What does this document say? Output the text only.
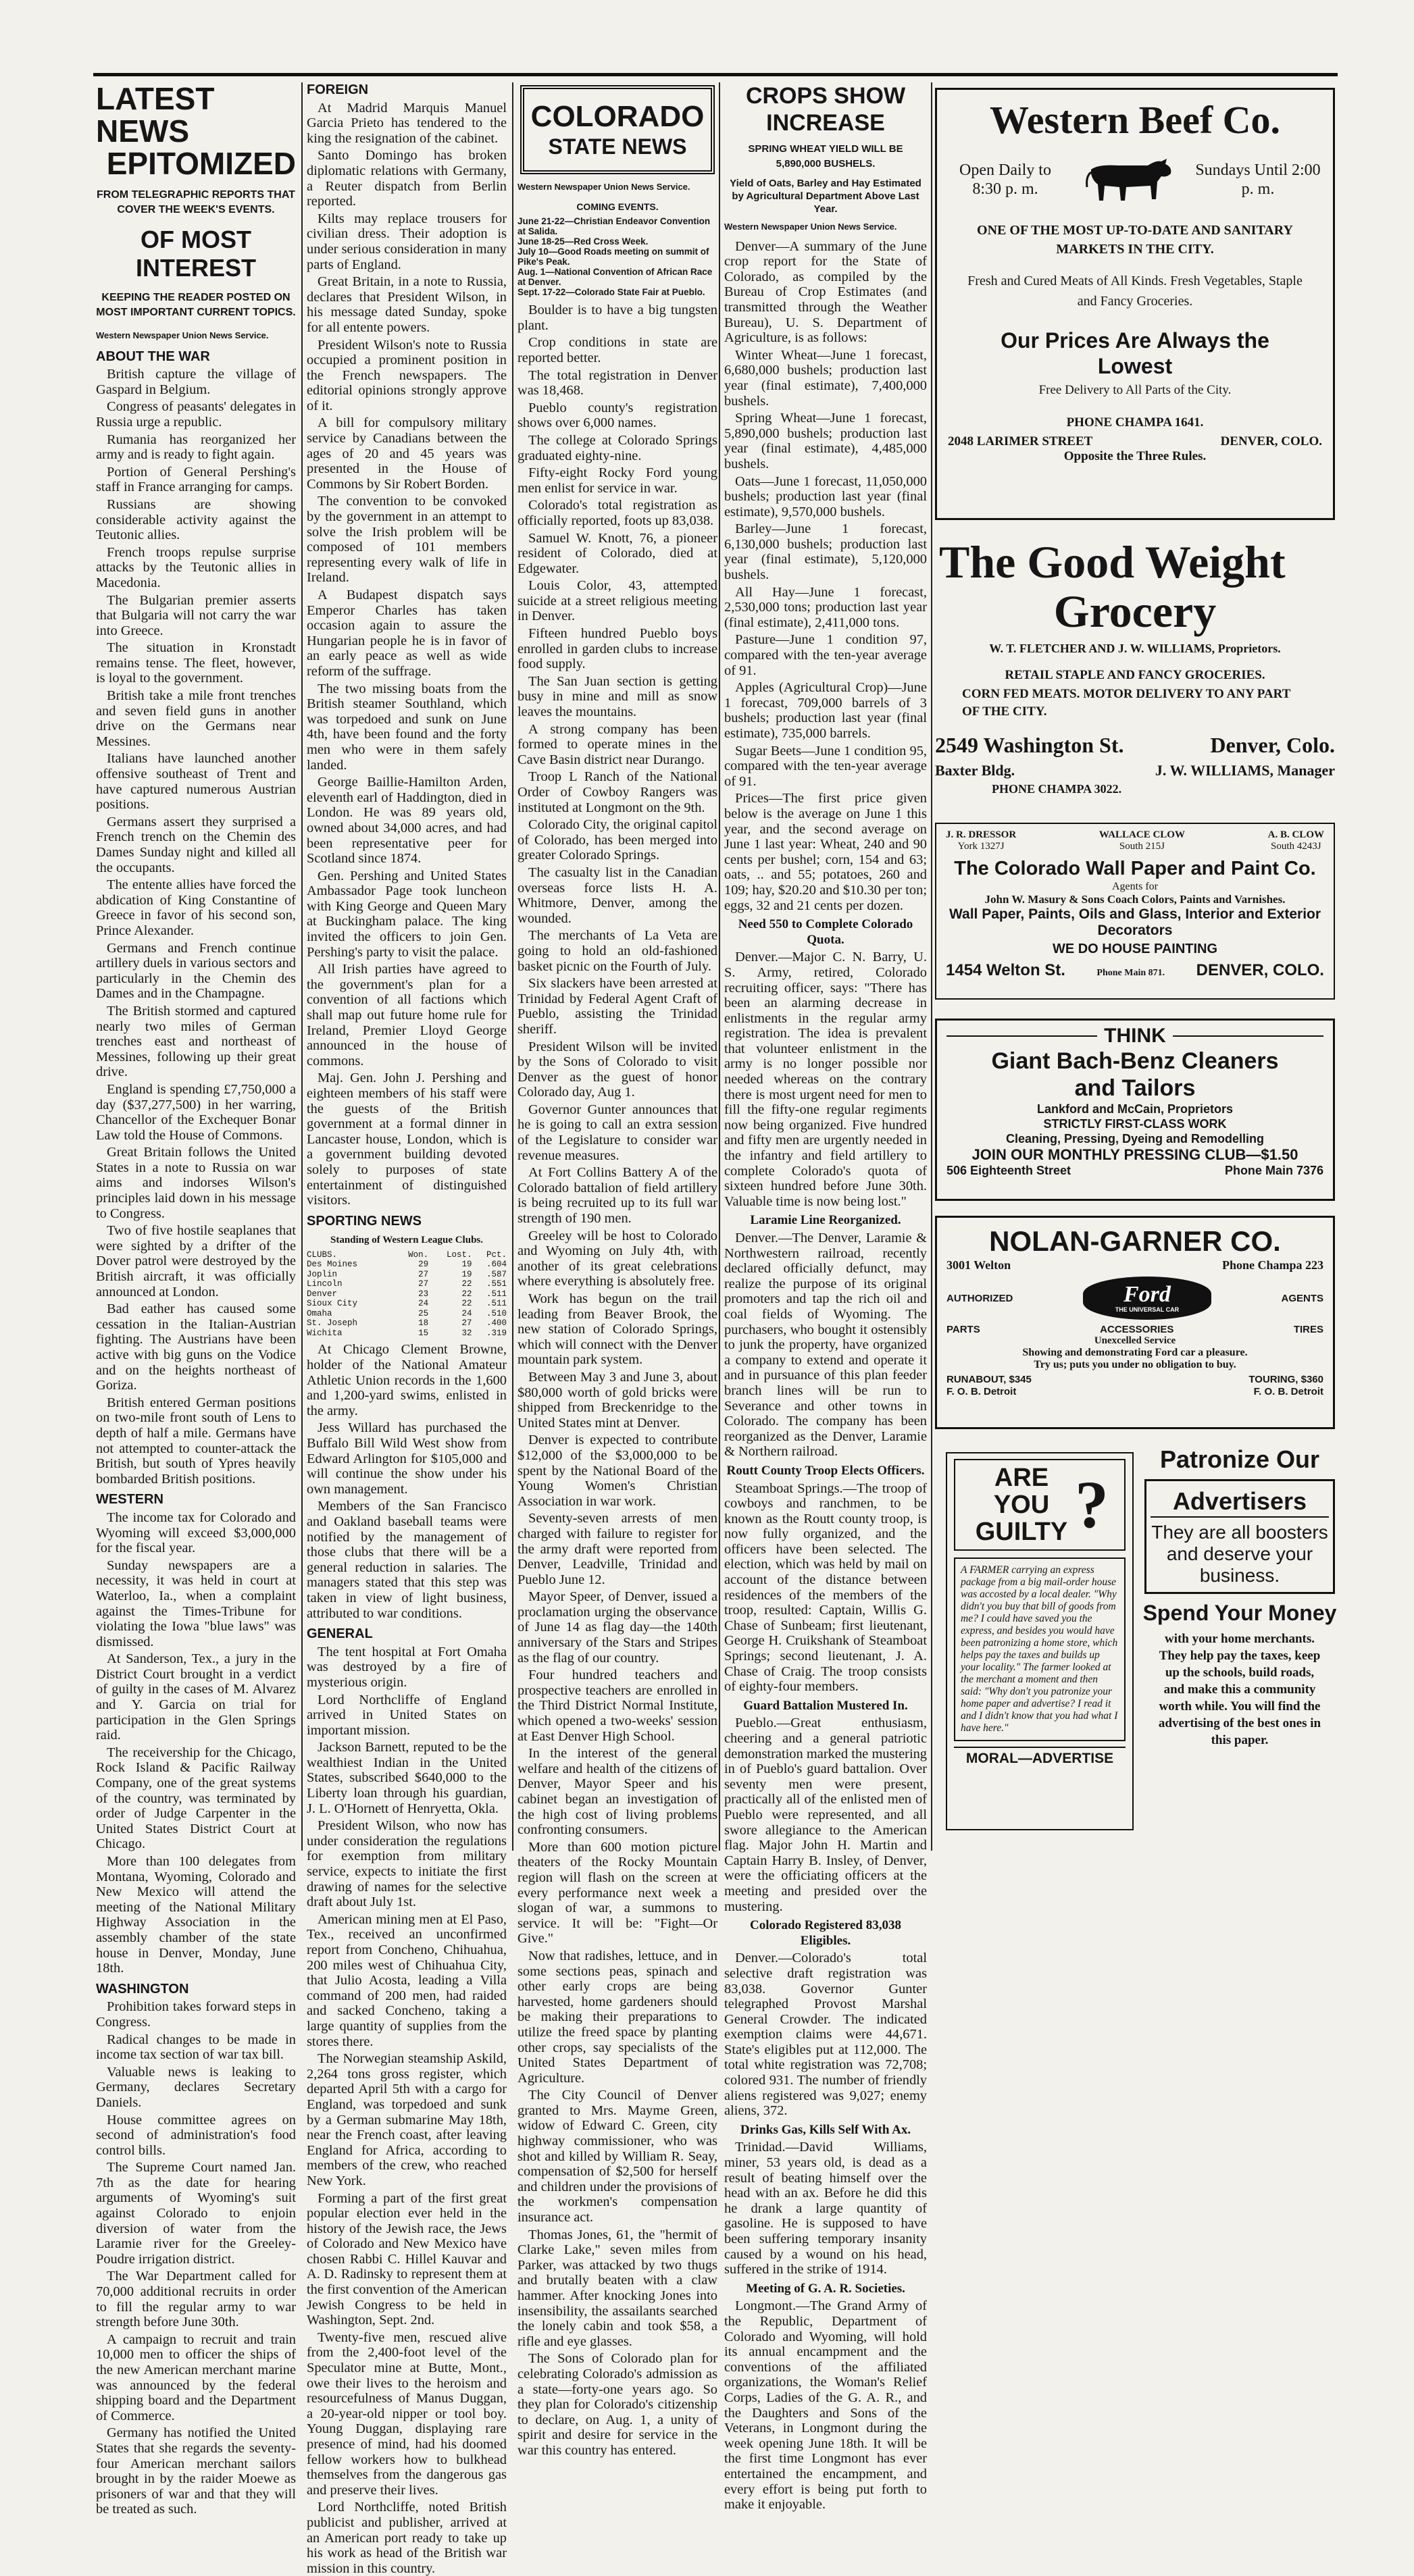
LATEST NEWS
EPITOMIZED
FROM TELEGRAPHIC REPORTS THAT COVER THE WEEK'S EVENTS.
OF MOST INTEREST
KEEPING THE READER POSTED ON MOST IMPORTANT CURRENT TOPICS.
Western Newspaper Union News Service.
ABOUT THE WAR

British capture the village of Gaspard in Belgium.

Congress of peasants' delegates in Russia urge a republic.

Rumania has reorganized her army and is ready to fight again.

Portion of General Pershing's staff in France arranging for camps.

Russians are showing considerable activity against the Teutonic allies.

French troops repulse surprise attacks by the Teutonic allies in Macedonia.

The Bulgarian premier asserts that Bulgaria will not carry the war into Greece.

The situation in Kronstadt remains tense. The fleet, however, is loyal to the government.

British take a mile front trenches and seven field guns in another drive on the Germans near Messines.

Italians have launched another offensive southeast of Trent and have captured numerous Austrian positions.

Germans assert they surprised a French trench on the Chemin des Dames Sunday night and killed all the occupants.

The entente allies have forced the abdication of King Constantine of Greece in favor of his second son, Prince Alexander.

Germans and French continue artillery duels in various sectors and particularly in the Chemin des Dames and in the Champagne.

The British stormed and captured nearly two miles of German trenches east and northeast of Messines, following up their great drive.

England is spending £7,750,000 a day ($37,277,500) in her warring, Chancellor of the Exchequer Bonar Law told the House of Commons.

Great Britain follows the United States in a note to Russia on war aims and indorses Wilson's principles laid down in his message to Congress.

Two of five hostile seaplanes that were sighted by a drifter of the Dover patrol were destroyed by the British aircraft, it was officially announced at London.

Bad eather has caused some cessation in the Italian-Austrian fighting. The Austrians have been active with big guns on the Vodice and on the heights northeast of Goriza.

British entered German positions on two-mile front south of Lens to depth of half a mile. Germans have not attempted to counter-attack the British, but south of Ypres heavily bombarded British positions.

WESTERN

The income tax for Colorado and Wyoming will exceed $3,000,000 for the fiscal year.

Sunday newspapers are a necessity, it was held in court at Waterloo, Ia., when a complaint against the Times-Tribune for violating the Iowa "blue laws" was dismissed.

At Sanderson, Tex., a jury in the District Court brought in a verdict of guilty in the cases of M. Alvarez and Y. Garcia on trial for participation in the Glen Springs raid.

The receivership for the Chicago, Rock Island & Pacific Railway Company, one of the great systems of the country, was terminated by order of Judge Carpenter in the United States District Court at Chicago.

More than 100 delegates from Montana, Wyoming, Colorado and New Mexico will attend the meeting of the National Military Highway Association in the assembly chamber of the state house in Denver, Monday, June 18th.

WASHINGTON

Prohibition takes forward steps in Congress.

Radical changes to be made in income tax section of war tax bill.

Valuable news is leaking to Germany, declares Secretary Daniels.

House committee agrees on second of administration's food control bills.

The Supreme Court named Jan. 7th as the date for hearing arguments of Wyoming's suit against Colorado to enjoin diversion of water from the Laramie river for the Greeley-Poudre irrigation district.

The War Department called for 70,000 additional recruits in order to fill the regular army to war strength before June 30th.

A campaign to recruit and train 10,000 men to officer the ships of the new American merchant marine was announced by the federal shipping board and the Department of Commerce.

Germany has notified the United States that she regards the seventy-four American merchant sailors brought in by the raider Moewe as prisoners of war and that they will be treated as such.

FOREIGN

At Madrid Marquis Manuel Garcia Prieto has tendered to the king the resignation of the cabinet.

Santo Domingo has broken diplomatic relations with Germany, a Reuter dispatch from Berlin reported.

Kilts may replace trousers for civilian dress. Their adoption is under serious consideration in many parts of England.

Great Britain, in a note to Russia, declares that President Wilson, in his message dated Sunday, spoke for all entente powers.

President Wilson's note to Russia occupied a prominent position in the French newspapers. The editorial opinions strongly approve of it.

A bill for compulsory military service by Canadians between the ages of 20 and 45 years was presented in the House of Commons by Sir Robert Borden.

The convention to be convoked by the government in an attempt to solve the Irish problem will be composed of 101 members representing every walk of life in Ireland.

A Budapest dispatch says Emperor Charles has taken occasion again to assure the Hungarian people he is in favor of an early peace as well as wide reform of the suffrage.

The two missing boats from the British steamer Southland, which was torpedoed and sunk on June 4th, have been found and the forty men who were in them safely landed.

George Baillie-Hamilton Arden, eleventh earl of Haddington, died in London. He was 89 years old, owned about 34,000 acres, and had been representative peer for Scotland since 1874.

Gen. Pershing and United States Ambassador Page took luncheon with King George and Queen Mary at Buckingham palace. The king invited the officers to join Gen. Pershing's party to visit the palace.

All Irish parties have agreed to the government's plan for a convention of all factions which shall map out future home rule for Ireland, Premier Lloyd George announced in the house of commons.

Maj. Gen. John J. Pershing and eighteen members of his staff were the guests of the British government at a formal dinner in Lancaster house, London, which is a government building devoted solely to purposes of state entertainment of distinguished visitors.

SPORTING NEWS
Standing of Western League Clubs.
CLUBS.	Won.	Lost.	Pct.
Des Moines	29	19	.604
Joplin	27	19	.587
Lincoln	27	22	.551
Denver	23	22	.511
Sioux City	24	22	.511
Omaha	25	24	.510
St. Joseph	18	27	.400
Wichita	15	32	.319

At Chicago Clement Browne, holder of the National Amateur Athletic Union records in the 1,600 and 1,200-yard swims, enlisted in the army.

Jess Willard has purchased the Buffalo Bill Wild West show from Edward Arlington for $105,000 and will continue the show under his own management.

Members of the San Francisco and Oakland baseball teams were notified by the management of those clubs that there will be a general reduction in salaries. The managers stated that this step was taken in view of light business, attributed to war conditions.

GENERAL

The tent hospital at Fort Omaha was destroyed by a fire of mysterious origin.

Lord Northcliffe of England arrived in United States on important mission.

Jackson Barnett, reputed to be the wealthiest Indian in the United States, subscribed $640,000 to the Liberty loan through his guardian, J. L. O'Hornett of Henryetta, Okla.

President Wilson, who now has under consideration the regulations for exemption from military service, expects to initiate the first drawing of names for the selective draft about July 1st.

American mining men at El Paso, Tex., received an unconfirmed report from Concheno, Chihuahua, 200 miles west of Chihuahua City, that Julio Acosta, leading a Villa command of 200 men, had raided and sacked Concheno, taking a large quantity of supplies from the stores there.

The Norwegian steamship Askild, 2,264 tons gross register, which departed April 5th with a cargo for England, was torpedoed and sunk by a German submarine May 18th, near the French coast, after leaving England for Africa, according to members of the crew, who reached New York.

Forming a part of the first great popular election ever held in the history of the Jewish race, the Jews of Colorado and New Mexico have chosen Rabbi C. Hillel Kauvar and A. D. Radinsky to represent them at the first convention of the American Jewish Congress to be held in Washington, Sept. 2nd.

Twenty-five men, rescued alive from the 2,400-foot level of the Speculator mine at Butte, Mont., owe their lives to the heroism and resourcefulness of Manus Duggan, a 20-year-old nipper or tool boy. Young Duggan, displaying rare presence of mind, had his doomed fellow workers how to bulkhead themselves from the dangerous gas and preserve their lives.

Lord Northcliffe, noted British publicist and publisher, arrived at an American port ready to take up his work as head of the British war mission in this country.

COLORADO
STATE NEWS
Western Newspaper Union News Service.
COMING EVENTS.
June 21-22—Christian Endeavor Convention at Salida.
June 18-25—Red Cross Week.
July 10—Good Roads meeting on summit of Pike's Peak.
Aug. 1—National Convention of African Race at Denver.
Sept. 17-22—Colorado State Fair at Pueblo.

Boulder is to have a big tungsten plant.

Crop conditions in state are reported better.

The total registration in Denver was 18,468.

Pueblo county's registration shows over 6,000 names.

The college at Colorado Springs graduated eighty-nine.

Fifty-eight Rocky Ford young men enlist for service in war.

Colorado's total registration as officially reported, foots up 83,038.

Samuel W. Knott, 76, a pioneer resident of Colorado, died at Edgewater.

Louis Color, 43, attempted suicide at a street religious meeting in Denver.

Fifteen hundred Pueblo boys enrolled in garden clubs to increase food supply.

The San Juan section is getting busy in mine and mill as snow leaves the mountains.

A strong company has been formed to operate mines in the Cave Basin district near Durango.

Troop L Ranch of the National Order of Cowboy Rangers was instituted at Longmont on the 9th.

Colorado City, the original capitol of Colorado, has been merged into greater Colorado Springs.

The casualty list in the Canadian overseas force lists H. A. Whitmore, Denver, among the wounded.

The merchants of La Veta are going to hold an old-fashioned basket picnic on the Fourth of July.

Six slackers have been arrested at Trinidad by Federal Agent Craft of Pueblo, assisting the Trinidad sheriff.

President Wilson will be invited by the Sons of Colorado to visit Denver as the guest of honor Colorado day, Aug 1.

Governor Gunter announces that he is going to call an extra session of the Legislature to consider war revenue measures.

At Fort Collins Battery A of the Colorado battalion of field artillery is being recruited up to its full war strength of 190 men.

Greeley will be host to Colorado and Wyoming on July 4th, with another of its great celebrations where everything is absolutely free.

Work has begun on the trail leading from Beaver Brook, the new station of Colorado Springs, which will connect with the Denver mountain park system.

Between May 3 and June 3, about $80,000 worth of gold bricks were shipped from Breckenridge to the United States mint at Denver.

Denver is expected to contribute $12,000 of the $3,000,000 to be spent by the National Board of the Young Women's Christian Association in war work.

Seventy-seven arrests of men charged with failure to register for the army draft were reported from Denver, Leadville, Trinidad and Pueblo June 12.

Mayor Speer, of Denver, issued a proclamation urging the observance of June 14 as flag day—the 140th anniversary of the Stars and Stripes as the flag of our country.

Four hundred teachers and prospective teachers are enrolled in the Third District Normal Institute, which opened a two-weeks' session at East Denver High School.

In the interest of the general welfare and health of the citizens of Denver, Mayor Speer and his cabinet began an investigation of the high cost of living problems confronting consumers.

More than 600 motion picture theaters of the Rocky Mountain region will flash on the screen at every performance next week a slogan of war, a summons to service. It will be: "Fight—Or Give."

Now that radishes, lettuce, and in some sections peas, spinach and other early crops are being harvested, home gardeners should be making their preparations to utilize the freed space by planting other crops, say specialists of the United States Department of Agriculture.

The City Council of Denver granted to Mrs. Mayme Green, widow of Edward C. Green, city highway commissioner, who was shot and killed by William R. Seay, compensation of $2,500 for herself and children under the provisions of the workmen's compensation insurance act.

Thomas Jones, 61, the "hermit of Clarke Lake," seven miles from Parker, was attacked by two thugs and brutally beaten with a claw hammer. After knocking Jones into insensibility, the assailants searched the lonely cabin and took $58, a rifle and eye glasses.

The Sons of Colorado plan for celebrating Colorado's admission as a state—forty-one years ago. So they plan for Colorado's citizenship to declare, on Aug. 1, a unity of spirit and desire for service in the war this country has entered.

CROPS SHOW INCREASE
SPRING WHEAT YIELD WILL BE 5,890,000 BUSHELS.
Yield of Oats, Barley and Hay Estimated by Agricultural Department Above Last Year.
Western Newspaper Union News Service.

Denver—A summary of the June crop report for the State of Colorado, as compiled by the Bureau of Crop Estimates (and transmitted through the Weather Bureau), U. S. Department of Agriculture, is as follows:

Winter Wheat—June 1 forecast, 6,680,000 bushels; production last year (final estimate), 7,400,000 bushels.

Spring Wheat—June 1 forecast, 5,890,000 bushels; production last year (final estimate), 4,485,000 bushels.

Oats—June 1 forecast, 11,050,000 bushels; production last year (final estimate), 9,570,000 bushels.

Barley—June 1 forecast, 6,130,000 bushels; production last year (final estimate), 5,120,000 bushels.

All Hay—June 1 forecast, 2,530,000 tons; production last year (final estimate), 2,411,000 tons.

Pasture—June 1 condition 97, compared with the ten-year average of 91.

Apples (Agricultural Crop)—June 1 forecast, 709,000 barrels of 3 bushels; production last year (final estimate), 735,000 barrels.

Sugar Beets—June 1 condition 95, compared with the ten-year average of 91.

Prices—The first price given below is the average on June 1 this year, and the second average on June 1 last year: Wheat, 240 and 90 cents per bushel; corn, 154 and 63; oats, .. and 55; potatoes, 260 and 109; hay, $20.20 and $10.30 per ton; eggs, 32 and 21 cents per dozen.

Need 550 to Complete Colorado Quota.

Denver.—Major C. N. Barry, U. S. Army, retired, Colorado recruiting officer, says: "There has been an alarming decrease in enlistments in the regular army registration. The idea is prevalent that volunteer enlistment in the army is no longer possible nor needed whereas on the contrary there is most urgent need for men to fill the fifty-one regular regiments now being organized. Five hundred and fifty men are urgently needed in the infantry and field artillery to complete Colorado's quota of sixteen hundred before June 30th. Valuable time is now being lost."

Laramie Line Reorganized.

Denver.—The Denver, Laramie & Northwestern railroad, recently declared officially defunct, may realize the purpose of its original promoters and tap the rich oil and coal fields of Wyoming. The purchasers, who bought it ostensibly to junk the property, have organized a company to extend and operate it and in pursuance of this plan feeder branch lines will be run to Severance and other towns in Colorado. The company has been reorganized as the Denver, Laramie & Northern railroad.

Routt County Troop Elects Officers.

Steamboat Springs.—The troop of cowboys and ranchmen, to be known as the Routt county troop, is now fully organized, and the officers have been selected. The election, which was held by mail on account of the distance between residences of the members of the troop, resulted: Captain, Willis G. Chase of Sunbeam; first lieutenant, George H. Cruikshank of Steamboat Springs; second lieutenant, J. A. Chase of Craig. The troop consists of eighty-four members.

Guard Battalion Mustered In.

Pueblo.—Great enthusiasm, cheering and a general patriotic demonstration marked the mustering in of Pueblo's guard battalion. Over seventy men were present, practically all of the enlisted men of Pueblo were represented, and all swore allegiance to the American flag. Major John H. Martin and Captain Harry B. Insley, of Denver, were the officiating officers at the meeting and presided over the mustering.

Colorado Registered 83,038 Eligibles.

Denver.—Colorado's total selective draft registration was 83,038. Governor Gunter telegraphed Provost Marshal General Crowder. The indicated exemption claims were 44,671. State's eligibles put at 112,000. The total white registration was 72,708; colored 931. The number of friendly aliens registered was 9,027; enemy aliens, 372.

Drinks Gas, Kills Self With Ax.

Trinidad.—David Williams, miner, 53 years old, is dead as a result of beating himself over the head with an ax. Before he did this he drank a large quantity of gasoline. He is supposed to have been suffering temporary insanity caused by a wound on his head, suffered in the strike of 1914.

Meeting of G. A. R. Societies.

Longmont.—The Grand Army of the Republic, Department of Colorado and Wyoming, will hold its annual encampment and the conventions of the affiliated organizations, the Woman's Relief Corps, Ladies of the G. A. R., and the Daughters and Sons of the Veterans, in Longmont during the week opening June 18th. It will be the first time Longmont has ever entertained the encampment, and every effort is being put forth to make it enjoyable.

Western Beef Co.
Open Daily to 8:30 p. m.
Sundays Until 2:00 p. m.
ONE OF THE MOST UP-TO-DATE AND SANITARY MARKETS IN THE CITY.
Fresh and Cured Meats of All Kinds. Fresh Vegetables, Staple and Fancy Groceries.
Our Prices Are Always the Lowest
Free Delivery to All Parts of the City.
PHONE CHAMPA 1641.
2048 LARIMER STREET	DENVER, COLO.
Opposite the Three Rules.
The Good Weight
Grocery
W. T. FLETCHER AND J. W. WILLIAMS, Proprietors.
RETAIL STAPLE AND FANCY GROCERIES.
CORN FED MEATS. MOTOR DELIVERY TO ANY PART OF THE CITY.
2549 Washington St.	Denver, Colo.
Baxter Bldg.	J. W. WILLIAMS, Manager
PHONE CHAMPA 3022.
J. R. DRESSOR
York 1327J
WALLACE CLOW
South 215J
A. B. CLOW
South 4243J
The Colorado Wall Paper and Paint Co.
Agents for
John W. Masury & Sons Coach Colors, Paints and Varnishes.
Wall Paper, Paints, Oils and Glass, Interior and Exterior Decorators
WE DO HOUSE PAINTING
1454 Welton St.	Phone Main 871. DENVER, COLO.
THINK
Giant Bach-Benz Cleaners
and Tailors
Lankford and McCain, Proprietors
STRICTLY FIRST-CLASS WORK
Cleaning, Pressing, Dyeing and Remodelling
JOIN OUR MONTHLY PRESSING CLUB—$1.50
506 Eighteenth Street	Phone Main 7376
NOLAN-GARNER CO.
3001 Welton	Phone Champa 223
AUTHORIZED	Ford
THE UNIVERSAL CAR
AGENTS
PARTS	ACCESSORIES	TIRES
Unexcelled Service
Showing and demonstrating Ford car a pleasure.
Try us; puts you under no obligation to buy.
RUNABOUT, $345
F. O. B. Detroit
TOURING, $360
F. O. B. Detroit
ARE YOU GUILTY ?
A FARMER carrying an express package from a big mail-order house was accosted by a local dealer. "Why didn't you buy that bill of goods from me? I could have saved you the express, and besides you would have been patronizing a home store, which helps pay the taxes and builds up your locality." The farmer looked at the merchant a moment and then said: "Why don't you patronize your home paper and advertise? I read it and I didn't know that you had what I have here."
MORAL—ADVERTISE
Patronize Our
Advertisers
They are all boosters and deserve your business.
Spend Your Money
with your home merchants. They help pay the taxes, keep up the schools, build roads, and make this a community worth while. You will find the advertising of the best ones in this paper.
